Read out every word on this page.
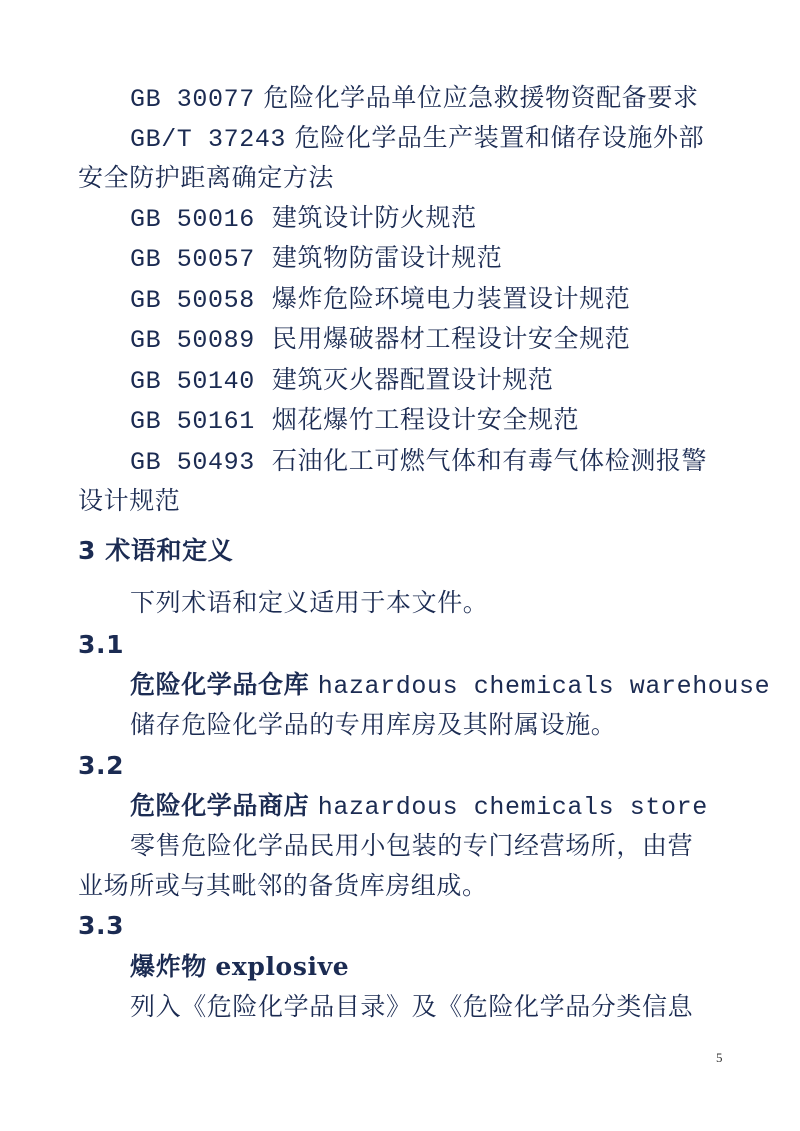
GB 30077 危险化学品单位应急救援物资配备要求
GB/T 37243 危险化学品生产装置和储存设施外部
安全防护距离确定方法
GB 50016 建筑设计防火规范
GB 50057 建筑物防雷设计规范
GB 50058 爆炸危险环境电力装置设计规范
GB 50089 民用爆破器材工程设计安全规范
GB 50140 建筑灭火器配置设计规范
GB 50161 烟花爆竹工程设计安全规范
GB 50493 石油化工可燃气体和有毒气体检测报警
设计规范
3 术语和定义
下列术语和定义适用于本文件。
3.1
危险化学品仓库 hazardous chemicals warehouse
储存危险化学品的专用库房及其附属设施。
3.2
危险化学品商店 hazardous chemicals store
零售危险化学品民用小包装的专门经营场所，由营
业场所或与其毗邻的备货库房组成。
3.3
爆炸物 explosive
列入《危险化学品目录》及《危险化学品分类信息
5
